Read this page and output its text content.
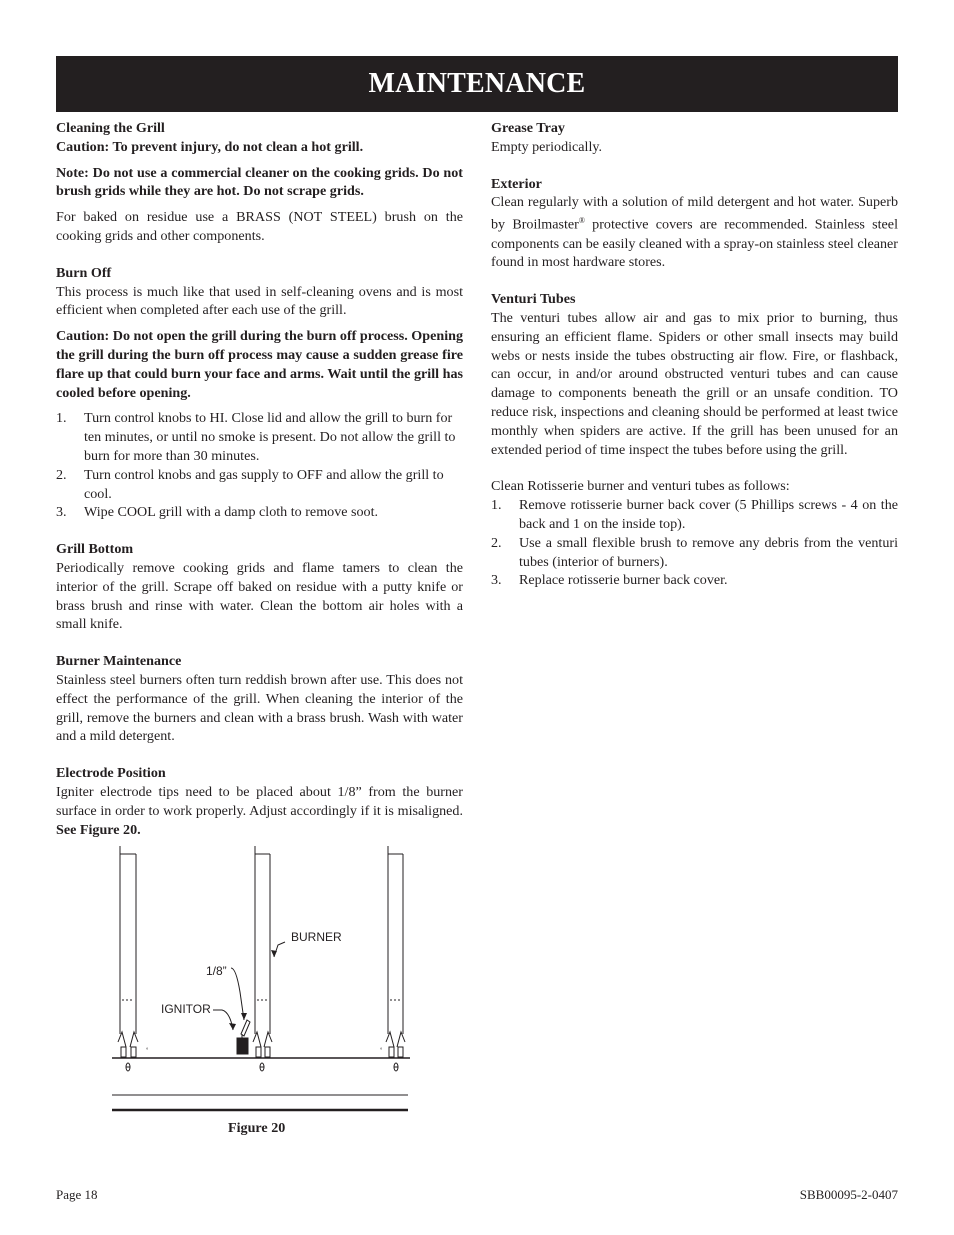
MAINTENANCE

Cleaning the Grill

Caution: To prevent injury, do not clean a hot grill.

Note: Do not use a commercial cleaner on the cooking grids. Do not brush grids while they are hot. Do not scrape grids.

For baked on residue use a BRASS (NOT STEEL) brush on the cooking grids and other components.

Burn Off

This process is much like that used in self-cleaning ovens and is most efficient when completed after each use of the grill.

Caution: Do not open the grill during the burn off process. Opening the grill during the burn off process may cause a sudden grease fire flare up that could burn your face and arms. Wait until the grill has cooled before opening.

1. Turn control knobs to HI. Close lid and allow the grill to burn for ten minutes, or until no smoke is present. Do not allow the grill to burn for more than 30 minutes.
2. Turn control knobs and gas supply to OFF and allow the grill to cool.
3. Wipe COOL grill with a damp cloth to remove soot.

Grill Bottom

Periodically remove cooking grids and flame tamers to clean the interior of the grill. Scrape off baked on residue with a putty knife or brass brush and rinse with water. Clean the bottom air holes with a small knife.

Burner Maintenance

Stainless steel burners often turn reddish brown after use. This does not effect the performance of the grill. When cleaning the interior of the grill, remove the burners and clean with a brass brush. Wash with water and a mild detergent.

Electrode Position

Igniter electrode tips need to be placed about 1/8” from the burner surface in order to work properly. Adjust accordingly if it is misaligned. See Figure 20.

°	°
BURNER
1/8”
IGNITOR
Figure 20

Grease Tray

Empty periodically.

Exterior

Clean regularly with a solution of mild detergent and hot water. Superb by Broilmaster® protective covers are recommended. Stainless steel components can be easily cleaned with a spray-on stainless steel cleaner found in most hardware stores.

Venturi Tubes

The venturi tubes allow air and gas to mix prior to burning, thus ensuring an efficient flame. Spiders or other small insects may build webs or nests inside the tubes obstructing air flow. Fire, or flashback, can occur, in and/or around obstructed venturi tubes and can cause damage to components beneath the grill or an unsafe condition. TO reduce risk, inspections and cleaning should be performed at least twice monthly when spiders are active. If the grill has been unused for an extended period of time inspect the tubes before using the grill.

Clean Rotisserie burner and venturi tubes as follows:

1. Remove rotisserie burner back cover (5 Phillips screws - 4 on the back and 1 on the inside top).
2. Use a small flexible brush to remove any debris from the venturi tubes (interior of burners).
3. Replace rotisserie burner back cover.
Page 18	SBB00095-2-0407
